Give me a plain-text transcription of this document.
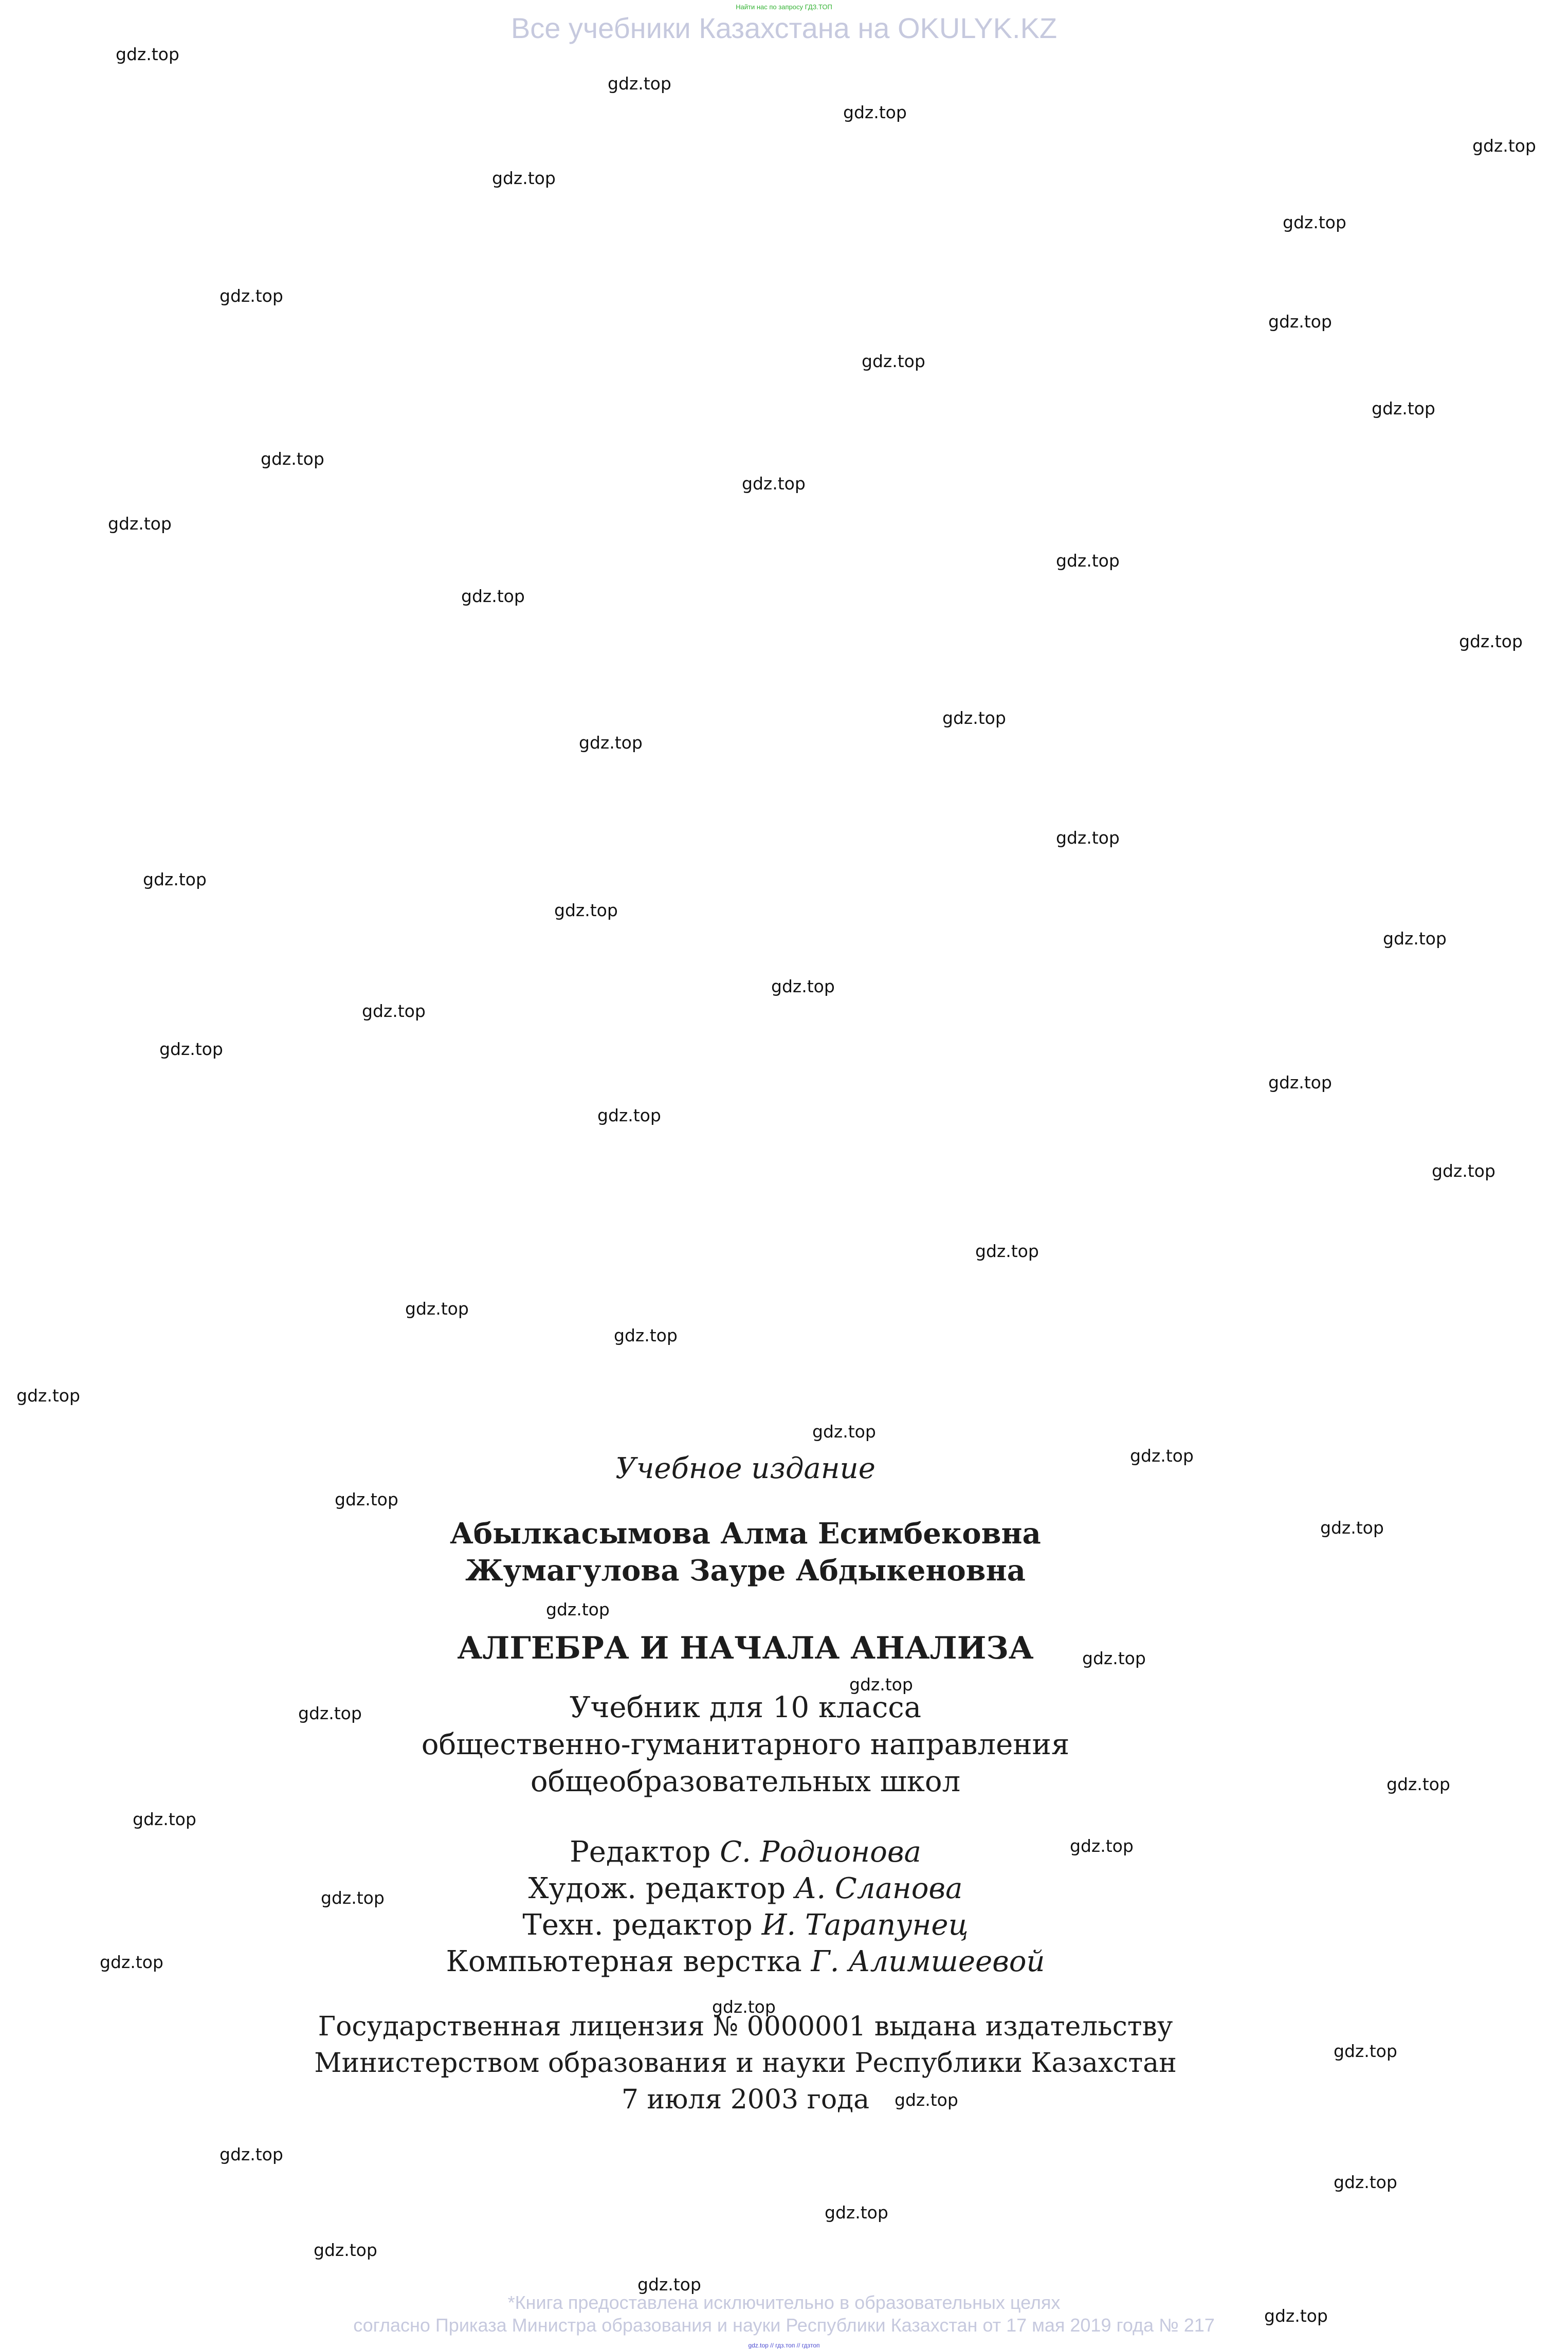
Найти нас по запросу ГДЗ.ТОП
Все учебники Казахстана на OKULYK.KZ
gdz.top
gdz.top
gdz.top
gdz.top
gdz.top
gdz.top
gdz.top
gdz.top
gdz.top
gdz.top
gdz.top
gdz.top
gdz.top
gdz.top
gdz.top
gdz.top
gdz.top
gdz.top
gdz.top
gdz.top
gdz.top
gdz.top
gdz.top
gdz.top
gdz.top
gdz.top
gdz.top
gdz.top
gdz.top
gdz.top
gdz.top
gdz.top
gdz.top
gdz.top
gdz.top
gdz.top
gdz.top
gdz.top
gdz.top
gdz.top
gdz.top
gdz.top
gdz.top
gdz.top
gdz.top
gdz.top
gdz.top
gdz.top
gdz.top
gdz.top
gdz.top
gdz.top
gdz.top
gdz.top
Учебное издание
Абылкасымова Алма Есимбековна
Жумагулова Зауре Абдыкеновна
АЛГЕБРА И НАЧАЛА АНАЛИЗА
Учебник для 10 класса
общественно-гуманитарного направления
общеобразовательных школ
Редактор С. Родионова
Худож. редактор А. Сланова
Техн. редактор И. Тарапунец
Компьютерная верстка Г. Алимшеевой
Государственная лицензия № 0000001 выдана издательству
Министерством образования и науки Республики Казахстан
7 июля 2003 года
*Книга предоставлена исключительно в образовательных целях
согласно Приказа Министра образования и науки Республики Казахстан от 17 мая 2019 года № 217
gdz.top // гдз.топ // гдзтоп
